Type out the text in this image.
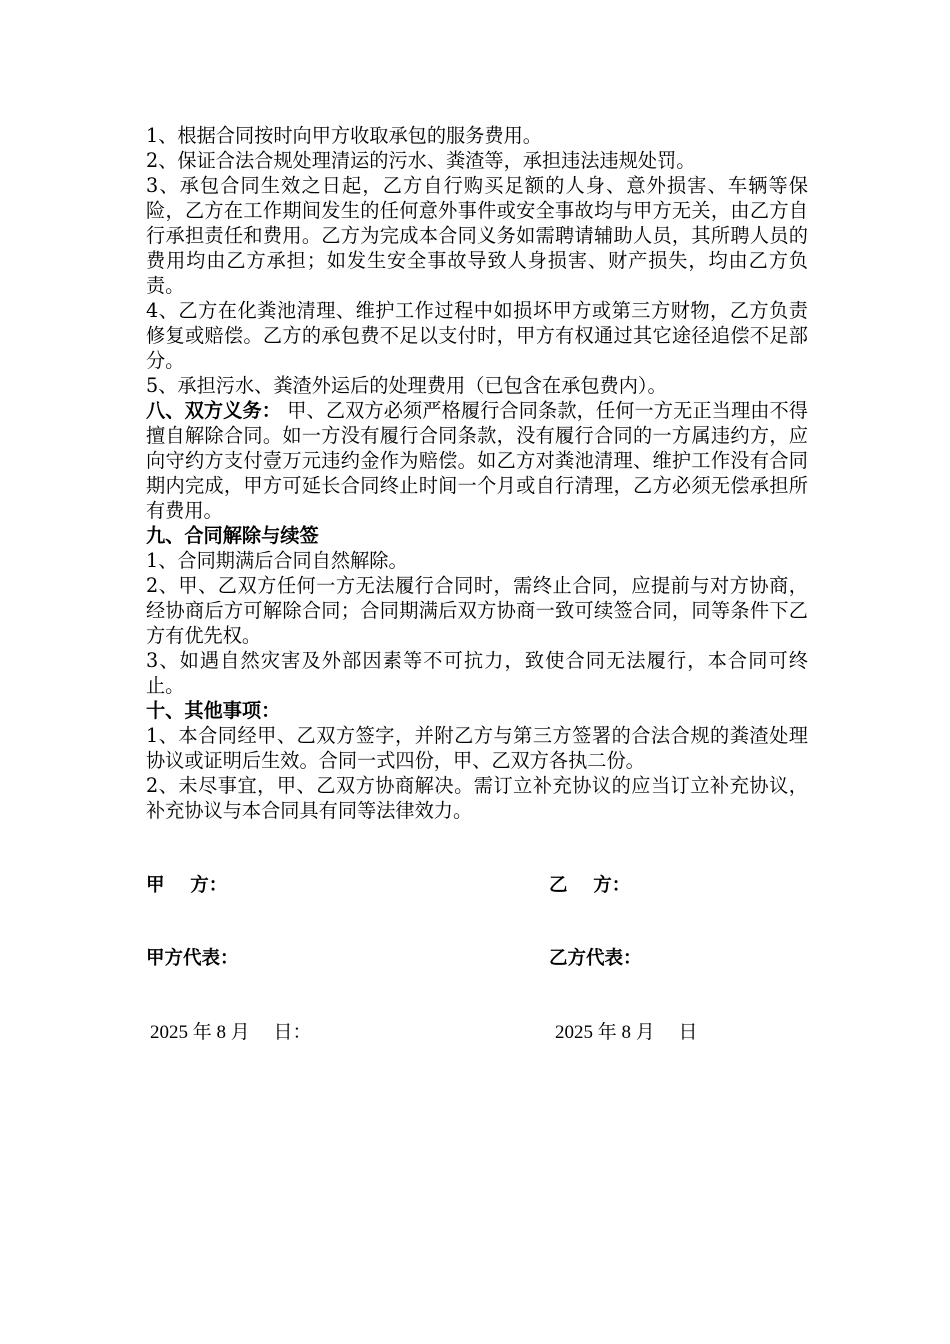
1、根据合同按时向甲方收取承包的服务费用。

2、保证合法合规处理清运的污水、粪渣等，承担违法违规处罚。

3、承包合同生效之日起，乙方自行购买足额的人身、意外损害、车辆等保险，乙方在工作期间发生的任何意外事件或安全事故均与甲方无关，由乙方自行承担责任和费用。乙方为完成本合同义务如需聘请辅助人员，其所聘人员的费用均由乙方承担；如发生安全事故导致人身损害、财产损失，均由乙方负责。

4、乙方在化粪池清理、维护工作过程中如损坏甲方或第三方财物，乙方负责修复或赔偿。乙方的承包费不足以支付时，甲方有权通过其它途径追偿不足部分。

5、承担污水、粪渣外运后的处理费用（已包含在承包费内）。

八、双方义务： 甲、乙双方必须严格履行合同条款，任何一方无正当理由不得擅自解除合同。如一方没有履行合同条款，没有履行合同的一方属违约方，应向守约方支付壹万元违约金作为赔偿。如乙方对粪池清理、维护工作没有合同期内完成，甲方可延长合同终止时间一个月或自行清理，乙方必须无偿承担所有费用。

九、合同解除与续签

1、合同期满后合同自然解除。

2、甲、乙双方任何一方无法履行合同时，需终止合同，应提前与对方协商，经协商后方可解除合同；合同期满后双方协商一致可续签合同，同等条件下乙方有优先权。

3、如遇自然灾害及外部因素等不可抗力，致使合同无法履行，本合同可终止。

十、其他事项：

1、本合同经甲、乙双方签字，并附乙方与第三方签署的合法合规的粪渣处理协议或证明后生效。合同一式四份，甲、乙双方各执二份。

2、未尽事宜，甲、乙双方协商解决。需订立补充协议的应当订立补充协议，补充协议与本合同具有同等法律效力。

甲    方：	乙    方：
甲方代表：	乙方代表：
2025 年 8 月     日：	2025 年 8 月     日
